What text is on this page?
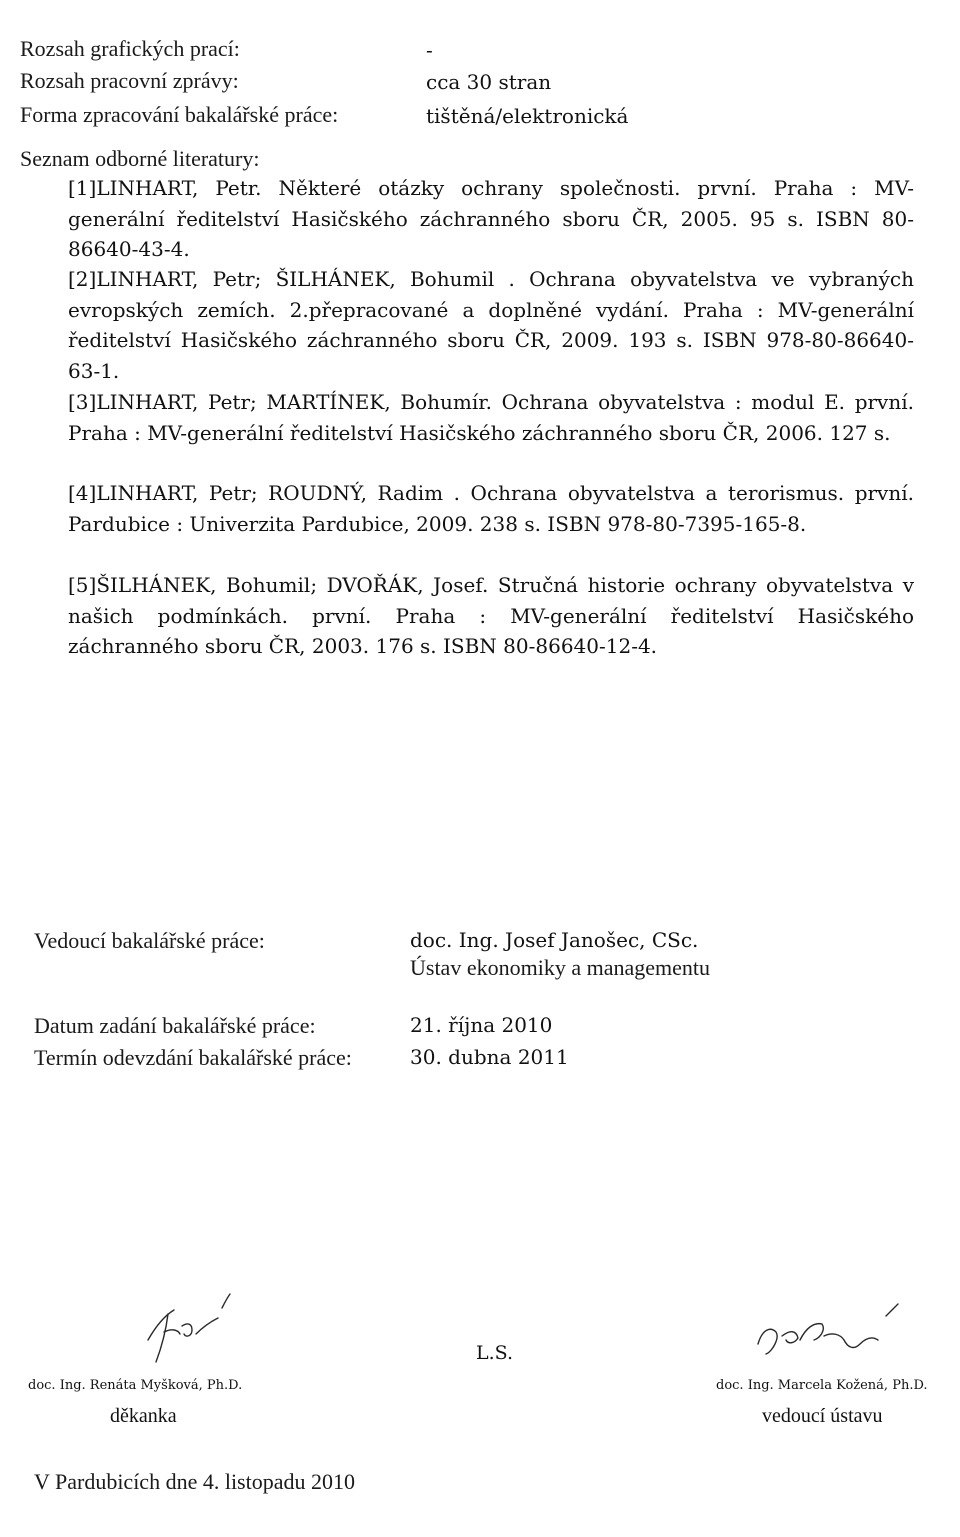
Rozsah grafických prací:	-
Rozsah pracovní zprávy:	cca 30 stran
Forma zpracování bakalářské práce:	tištěná/elektronická
Seznam odborné literatury:
[1]LINHART, Petr. Některé otázky ochrany společnosti. první. Praha : MV-generální ředitelství Hasičského záchranného sboru ČR, 2005. 95 s. ISBN 80-86640-43-4.
[2]LINHART, Petr; ŠILHÁNEK, Bohumil . Ochrana obyvatelstva ve vybraných evropských zemích. 2.přepracované a doplněné vydání. Praha : MV-generální ředitelství Hasičského záchranného sboru ČR, 2009. 193 s. ISBN 978-80-86640-63-1.
[3]LINHART, Petr; MARTÍNEK, Bohumír. Ochrana obyvatelstva : modul E. první. Praha : MV-generální ředitelství Hasičského záchranného sboru ČR, 2006. 127 s.
[4]LINHART, Petr; ROUDNÝ, Radim . Ochrana obyvatelstva a terorismus. první. Pardubice : Univerzita Pardubice, 2009. 238 s. ISBN 978-80-7395-165-8.
[5]ŠILHÁNEK, Bohumil; DVOŘÁK, Josef. Stručná historie ochrany obyvatelstva v našich podmínkách. první. Praha : MV-generální ředitelství Hasičského záchranného sboru ČR, 2003. 176 s. ISBN 80-86640-12-4.
Vedoucí bakalářské práce:	doc. Ing. Josef Janošec, CSc.
Ústav ekonomiky a managementu
Datum zadání bakalářské práce:	21. října 2010
Termín odevzdání bakalářské práce:	30. dubna 2011
doc. Ing. Renáta Myšková, Ph.D.
děkanka
L.S.
doc. Ing. Marcela Kožená, Ph.D.
vedoucí ústavu
V Pardubicích dne 4. listopadu 2010
